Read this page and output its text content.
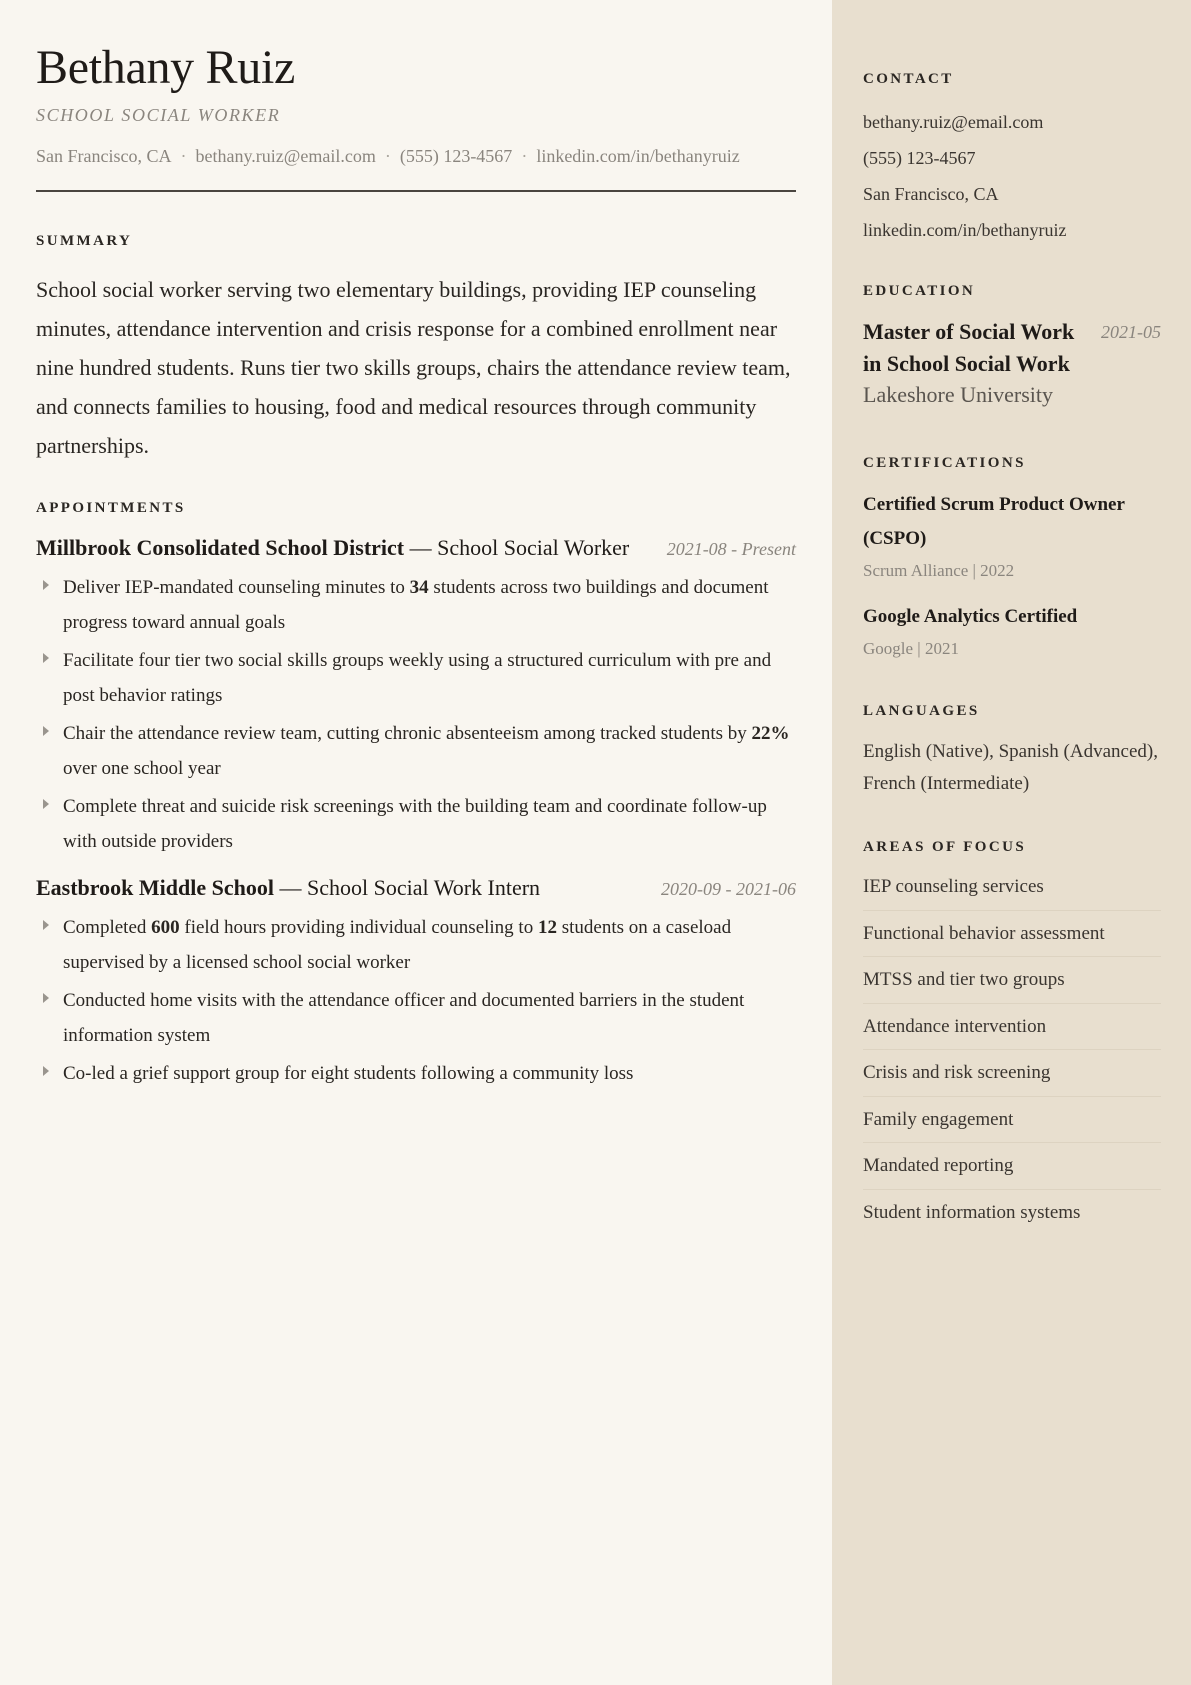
Bethany Ruiz
SCHOOL SOCIAL WORKER
San Francisco, CA · bethany.ruiz@email.com · (555) 123-4567 · linkedin.com/in/bethanyruiz
SUMMARY

School social worker serving two elementary buildings, providing IEP counseling minutes, attendance intervention and crisis response for a combined enrollment near nine hundred students. Runs tier two skills groups, chairs the attendance review team, and connects families to housing, food and medical resources through community partnerships.

APPOINTMENTS
Millbrook Consolidated School District — School Social Worker 2021-08 - Present
Deliver IEP-mandated counseling minutes to 34 students across two buildings and document progress toward annual goals
Facilitate four tier two social skills groups weekly using a structured curriculum with pre and post behavior ratings
Chair the attendance review team, cutting chronic absenteeism among tracked students by 22% over one school year
Complete threat and suicide risk screenings with the building team and coordinate follow-up with outside providers
Eastbrook Middle School — School Social Work Intern	2020-09 - 2021-06
Completed 600 field hours providing individual counseling to 12 students on a caseload supervised by a licensed school social worker
Conducted home visits with the attendance officer and documented barriers in the student information system
Co-led a grief support group for eight students following a community loss
CONTACT
bethany.ruiz@email.com
(555) 123-4567
San Francisco, CA
linkedin.com/in/bethanyruiz
EDUCATION
Master of Social Work in School Social Work
2021-05
Lakeshore University
CERTIFICATIONS
Certified Scrum Product Owner (CSPO)
Scrum Alliance | 2022
Google Analytics Certified
Google | 2021
LANGUAGES
English (Native), Spanish (Advanced), French (Intermediate)
AREAS OF FOCUS
IEP counseling services
Functional behavior assessment
MTSS and tier two groups
Attendance intervention
Crisis and risk screening
Family engagement
Mandated reporting
Student information systems
